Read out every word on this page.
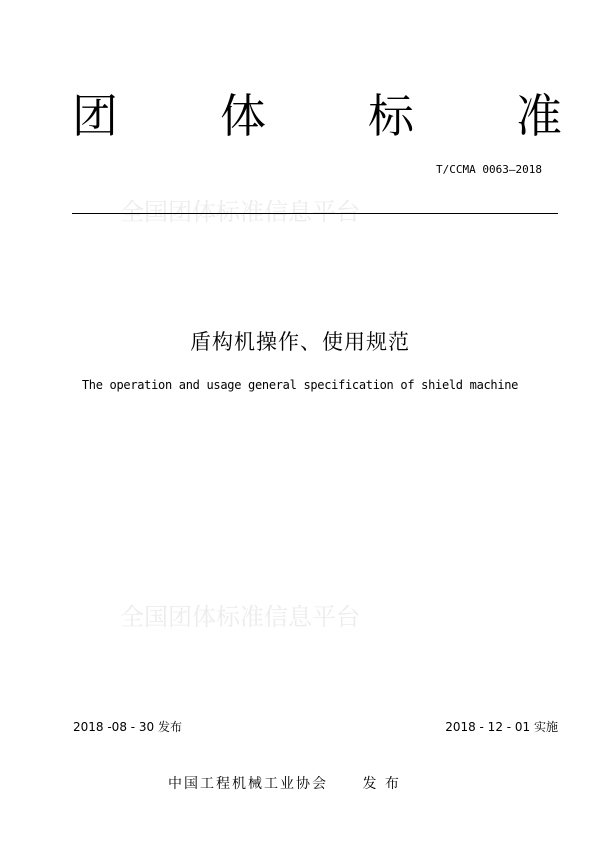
团 体 标 准
T/CCMA 0063—2018
全国团体标准信息平台
盾构机操作、使用规范
The operation and usage general specification of shield machine
全国团体标准信息平台
2018 -08 - 30 发布	2018 - 12 - 01 实施
中国工程机械工业协会 发 布
